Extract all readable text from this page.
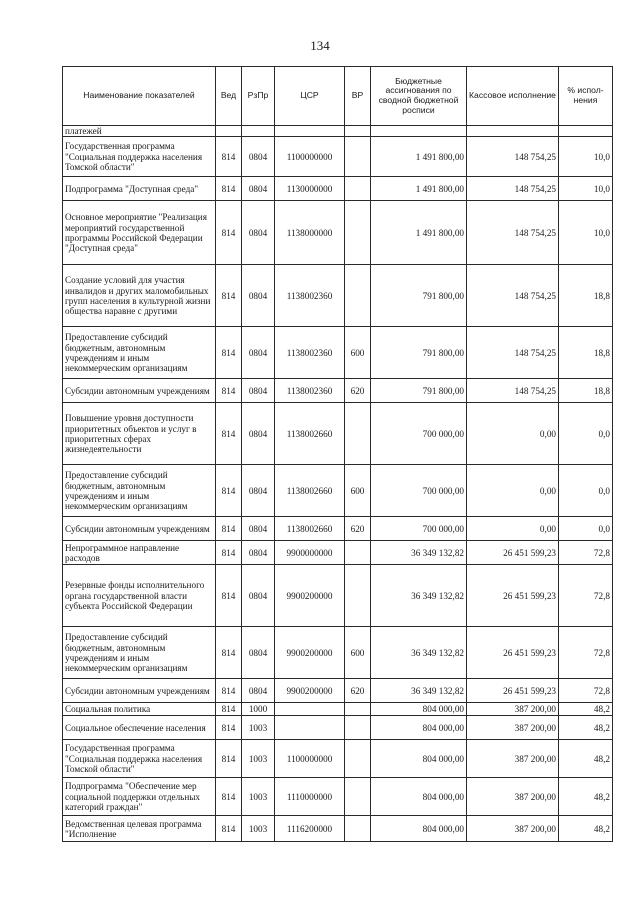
134
Наименование показателей	Вед	РзПр	ЦСР	ВР	Бюджетные ассигнования по сводной бюджетной росписи	Кассовое исполнение	% испол-нения
платежей							
Государственная программа "Социальная поддержка населения Томской области"	814	0804	1100000000		1 491 800,00	148 754,25	10,0
Подпрограмма "Доступная среда"	814	0804	1130000000		1 491 800,00	148 754,25	10,0
Основное мероприятие "Реализация мероприятий государственной программы Российской Федерации "Доступная среда"	814	0804	1138000000		1 491 800,00	148 754,25	10,0
Создание условий для участия инвалидов и других маломобильных групп населения в культурной жизни общества наравне с другими	814	0804	1138002360		791 800,00	148 754,25	18,8
Предоставление субсидий бюджетным, автономным учреждениям и иным некоммерческим организациям	814	0804	1138002360	600	791 800,00	148 754,25	18,8
Субсидии автономным учреждениям	814	0804	1138002360	620	791 800,00	148 754,25	18,8
Повышение уровня доступности приоритетных объектов и услуг в приоритетных сферах жизнедеятельности	814	0804	1138002660		700 000,00	0,00	0,0
Предоставление субсидий бюджетным, автономным учреждениям и иным некоммерческим организациям	814	0804	1138002660	600	700 000,00	0,00	0,0
Субсидии автономным учреждениям	814	0804	1138002660	620	700 000,00	0,00	0,0
Непрограммное направление расходов	814	0804	9900000000		36 349 132,82	26 451 599,23	72,8
Резервные фонды исполнительного органа государственной власти субъекта Российской Федерации	814	0804	9900200000		36 349 132,82	26 451 599,23	72,8
Предоставление субсидий бюджетным, автономным учреждениям и иным некоммерческим организациям	814	0804	9900200000	600	36 349 132,82	26 451 599,23	72,8
Субсидии автономным учреждениям	814	0804	9900200000	620	36 349 132,82	26 451 599,23	72,8
Социальная политика	814	1000			804 000,00	387 200,00	48,2
Социальное обеспечение населения	814	1003			804 000,00	387 200,00	48,2
Государственная программа "Социальная поддержка населения Томской области"	814	1003	1100000000		804 000,00	387 200,00	48,2
Подпрограмма "Обеспечение мер социальной поддержки отдельных категорий граждан"	814	1003	1110000000		804 000,00	387 200,00	48,2
Ведомственная целевая программа "Исполнение	814	1003	1116200000		804 000,00	387 200,00	48,2
